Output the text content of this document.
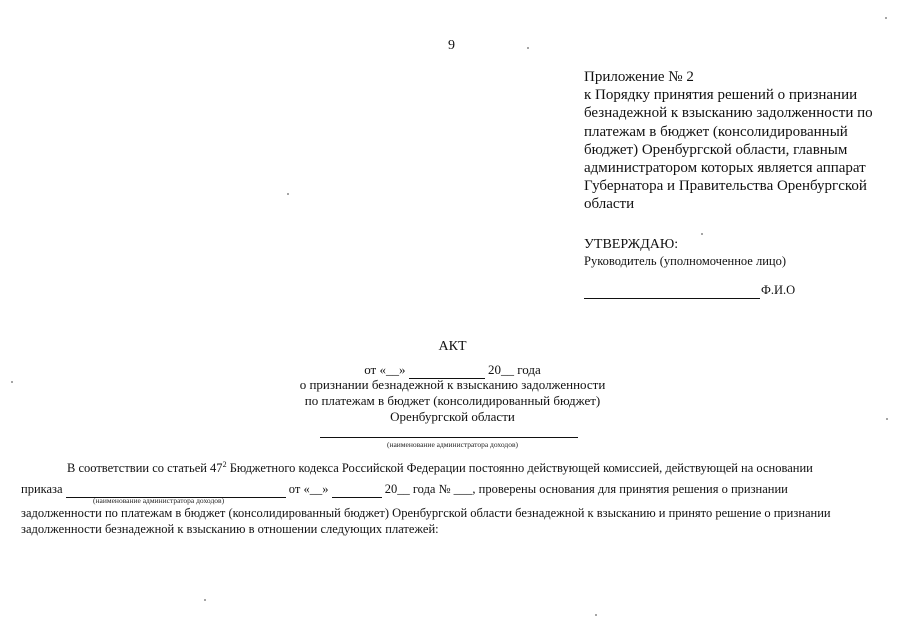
9
Приложение № 2
к Порядку принятия решений о признании безнадежной к взысканию задолженности по платежам в бюджет (консолидированный бюджет) Оренбургской области, главным администратором которых является аппарат Губернатора и Правительства Оренбургской области
УТВЕРЖДАЮ:
Руководитель (уполномоченное лицо)
Ф.И.О
АКТ
от «__»	20__ года
о признании безнадежной к взысканию задолженности
по платежам в бюджет (консолидированный бюджет)
Оренбургской области
(наименование администратора доходов)
В соответствии со статьей $47^2$ Бюджетного кодекса Российской Федерации постоянно действующей комиссией, действующей на основании
приказа	от «__»	20__ года № ___, проверены основания для принятия решения о признании
(наименование администратора доходов)
задолженности по платежам в бюджет (консолидированный бюджет) Оренбургской области безнадежной к взысканию и принято решение о признании
задолженности безнадежной к взысканию в отношении следующих платежей:
